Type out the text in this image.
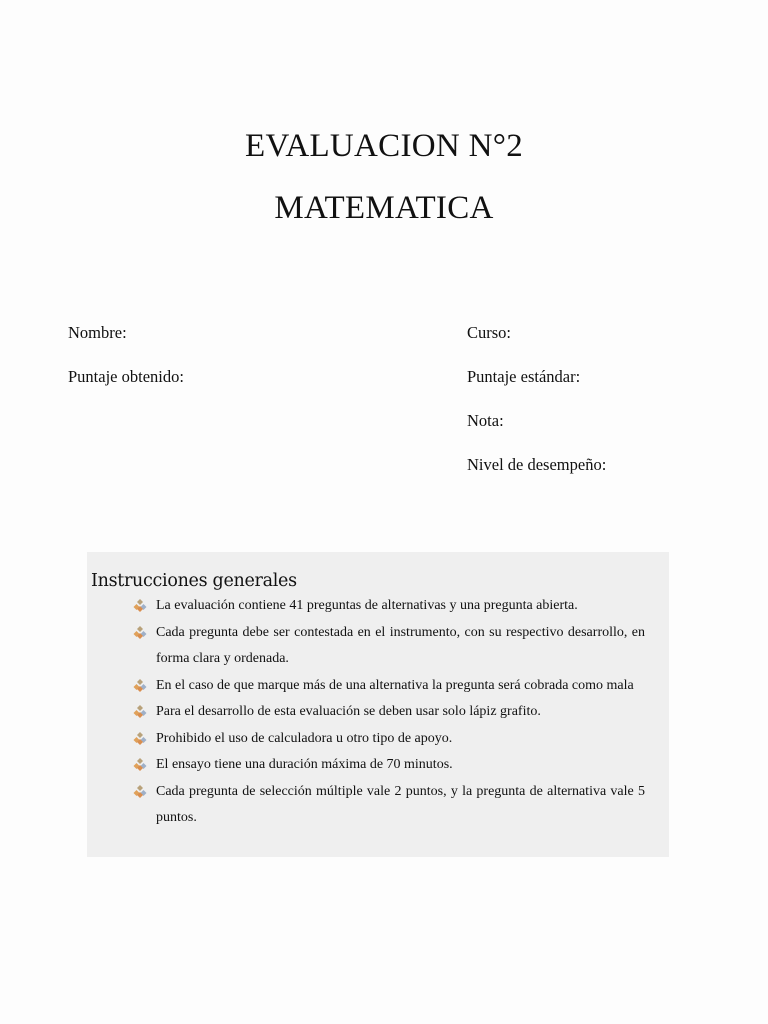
EVALUACION N°2
MATEMATICA
Nombre:
Puntaje obtenido:
Curso:
Puntaje estándar:
Nota:
Nivel de desempeño:
Instrucciones generales
La evaluación contiene 41 preguntas de alternativas y una pregunta abierta.
Cada pregunta debe ser contestada en el instrumento, con su respectivo desarrollo, en forma clara y ordenada.
En el caso de que marque más de una alternativa la pregunta será cobrada como mala
Para el desarrollo de esta evaluación se deben usar solo lápiz grafito.
Prohibido el uso de calculadora u otro tipo de apoyo.
El ensayo tiene una duración máxima de 70 minutos.
Cada pregunta de selección múltiple vale 2 puntos, y la pregunta de alternativa vale 5 puntos.
